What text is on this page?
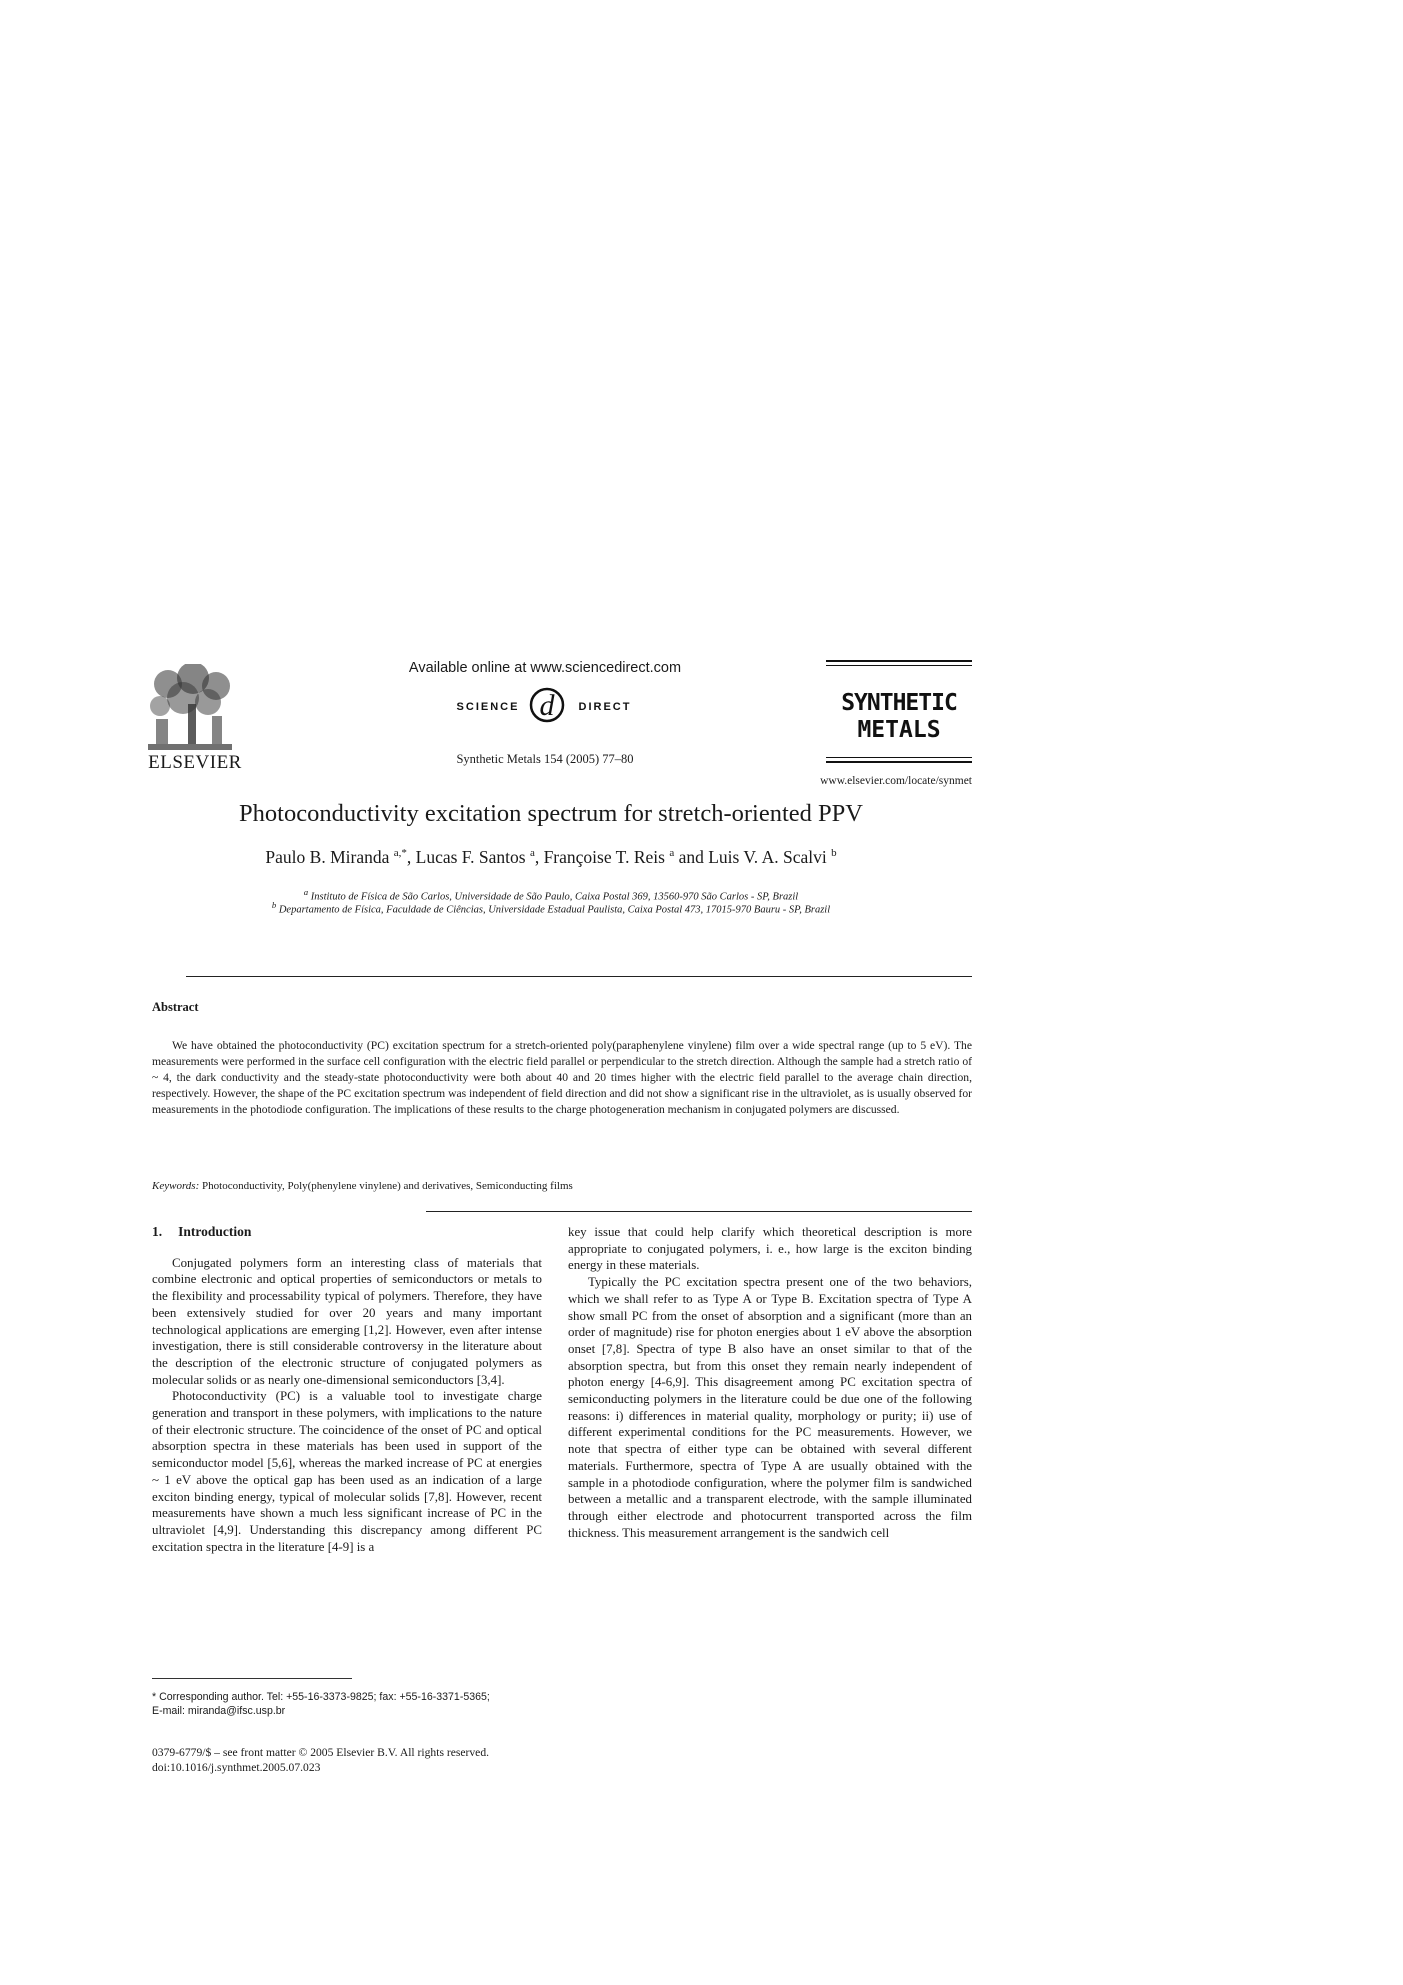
ELSEVIER
Available online at www.sciencedirect.com
SCIENCE d DIRECT
Synthetic Metals 154 (2005) 77–80
SYNTHETIC
METALS
www.elsevier.com/locate/synmet
Photoconductivity excitation spectrum for stretch-oriented PPV
Paulo B. Miranda $^{a,*}$, Lucas F. Santos $^a$, Françoise T. Reis $^a$ and Luis V. A. Scalvi $^b$
$^a$ Instituto de Física de São Carlos, Universidade de São Paulo, Caixa Postal 369, 13560-970 São Carlos - SP, Brazil
$^b$ Departamento de Física, Faculdade de Ciências, Universidade Estadual Paulista, Caixa Postal 473, 17015-970 Bauru - SP, Brazil
Abstract
We have obtained the photoconductivity (PC) excitation spectrum for a stretch-oriented poly(paraphenylene vinylene) film over a wide spectral range (up to 5 eV). The measurements were performed in the surface cell configuration with the electric field parallel or perpendicular to the stretch direction. Although the sample had a stretch ratio of ~ 4, the dark conductivity and the steady-state photoconductivity were both about 40 and 20 times higher with the electric field parallel to the average chain direction, respectively. However, the shape of the PC excitation spectrum was independent of field direction and did not show a significant rise in the ultraviolet, as is usually observed for measurements in the photodiode configuration. The implications of these results to the charge photogeneration mechanism in conjugated polymers are discussed.
Keywords: Photoconductivity, Poly(phenylene vinylene) and derivatives, Semiconducting films
1. Introduction

Conjugated polymers form an interesting class of materials that combine electronic and optical properties of semiconductors or metals to the flexibility and processability typical of polymers. Therefore, they have been extensively studied for over 20 years and many important technological applications are emerging [1,2]. However, even after intense investigation, there is still considerable controversy in the literature about the description of the electronic structure of conjugated polymers as molecular solids or as nearly one-dimensional semiconductors [3,4].

Photoconductivity (PC) is a valuable tool to investigate charge generation and transport in these polymers, with implications to the nature of their electronic structure. The coincidence of the onset of PC and optical absorption spectra in these materials has been used in support of the semiconductor model [5,6], whereas the marked increase of PC at energies ~ 1 eV above the optical gap has been used as an indication of a large exciton binding energy, typical of molecular solids [7,8]. However, recent measurements have shown a much less significant increase of PC in the ultraviolet [4,9]. Understanding this discrepancy among different PC excitation spectra in the literature [4-9] is a

key issue that could help clarify which theoretical description is more appropriate to conjugated polymers, i. e., how large is the exciton binding energy in these materials.

Typically the PC excitation spectra present one of the two behaviors, which we shall refer to as Type A or Type B. Excitation spectra of Type A show small PC from the onset of absorption and a significant (more than an order of magnitude) rise for photon energies about 1 eV above the absorption onset [7,8]. Spectra of type B also have an onset similar to that of the absorption spectra, but from this onset they remain nearly independent of photon energy [4-6,9]. This disagreement among PC excitation spectra of semiconducting polymers in the literature could be due one of the following reasons: i) differences in material quality, morphology or purity; ii) use of different experimental conditions for the PC measurements. However, we note that spectra of either type can be obtained with several different materials. Furthermore, spectra of Type A are usually obtained with the sample in a photodiode configuration, where the polymer film is sandwiched between a metallic and a transparent electrode, with the sample illuminated through either electrode and photocurrent transported across the film thickness. This measurement arrangement is the sandwich cell

* Corresponding author. Tel: +55-16-3373-9825; fax: +55-16-3371-5365;
E-mail: miranda@ifsc.usp.br
0379-6779/$ – see front matter © 2005 Elsevier B.V. All rights reserved.
doi:10.1016/j.synthmet.2005.07.023
